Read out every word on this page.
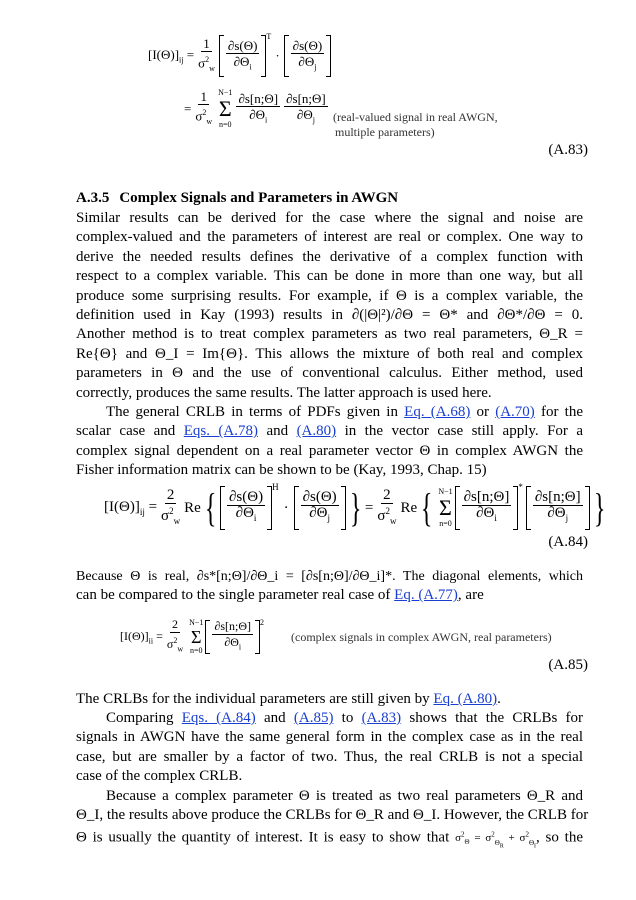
$[I(\Theta)]_{ij} = \frac{1}{\sigma^2_w} \frac{\partial s(\Theta)}{\partial\Theta_i}$
$^T$
· $\frac{\partial s(\Theta)}{\partial\Theta_j}$
= $\frac{1}{\sigma^2_w} N-1$
Σ
$n=0 \frac{\partial s[n;\Theta]}{\partial\Theta_i} \frac{\partial s[n;\Theta]}{\partial\Theta_j}$ (real-valued signal in real AWGN,
multiple parameters)
(A.83)
A.3.5 Complex Signals and Parameters in AWGN
Similar results can be derived for the case where the signal and noise are
complex-valued and the parameters of interest are real or complex. One way to
derive the needed results defines the derivative of a complex function with
respect to a complex variable. This can be done in more than one way, but all
produce some surprising results. For example, if Θ is a complex variable, the
definition used in Kay (1993) results in ∂(|Θ|²)/∂Θ = Θ* and ∂Θ*/∂Θ = 0.
Another method is to treat complex parameters as two real parameters, Θ_R =
Re{Θ} and Θ_I = Im{Θ}. This allows the mixture of both real and complex
parameters in Θ and the use of conventional calculus. Either method, used
correctly, produces the same results. The latter approach is used here.
The general CRLB in terms of PDFs given in Eq. (A.68) or (A.70) for the
scalar case and Eqs. (A.78) and (A.80) in the vector case still apply. For a
complex signal dependent on a real parameter vector Θ in complex AWGN the
Fisher information matrix can be shown to be (Kay, 1993, Chap. 15)
$[I(\Theta)]_{ij} = \frac{2}{\sigma^2_w}$ Re { $\frac{\partial s(\Theta)}{\partial\Theta_i}$
$^H$
· $\frac{\partial s(\Theta)}{\partial\Theta_j}$ } = $\frac{2}{\sigma^2_w}$ Re { N−1
Σ
$n=0 \frac{\partial s[n;\Theta]}{\partial\Theta_i}$
*
$\frac{\partial s[n;\Theta]}{\partial\Theta_j}$ }
(A.84)
Because Θ is real, ∂s*[n;Θ]/∂Θ_i = [∂s[n;Θ]/∂Θ_i]*. The diagonal elements, which
can be compared to the single parameter real case of Eq. (A.77), are
$[I(\Theta)]_{ii} = \frac{2}{\sigma^2_w} N-1$
Σ
$n=0 \frac{\partial s[n;\Theta]}{\partial\Theta_i} ^2$
(complex signals in complex AWGN, real parameters)
(A.85)
The CRLBs for the individual parameters are still given by Eq. (A.80).
Comparing Eqs. (A.84) and (A.85) to (A.83) shows that the CRLBs for
signals in AWGN have the same general form in the complex case as in the real
case, but are smaller by a factor of two. Thus, the real CRLB is not a special
case of the complex CRLB.
Because a complex parameter Θ is treated as two real parameters Θ_R and
Θ_I, the results above produce the CRLBs for Θ_R and Θ_I. However, the CRLB for
Θ is usually the quantity of interest. It is easy to show that $\sigma^2_\Theta = \sigma^2_{\Theta_R} + \sigma^2_{\Theta_I}$, so the
